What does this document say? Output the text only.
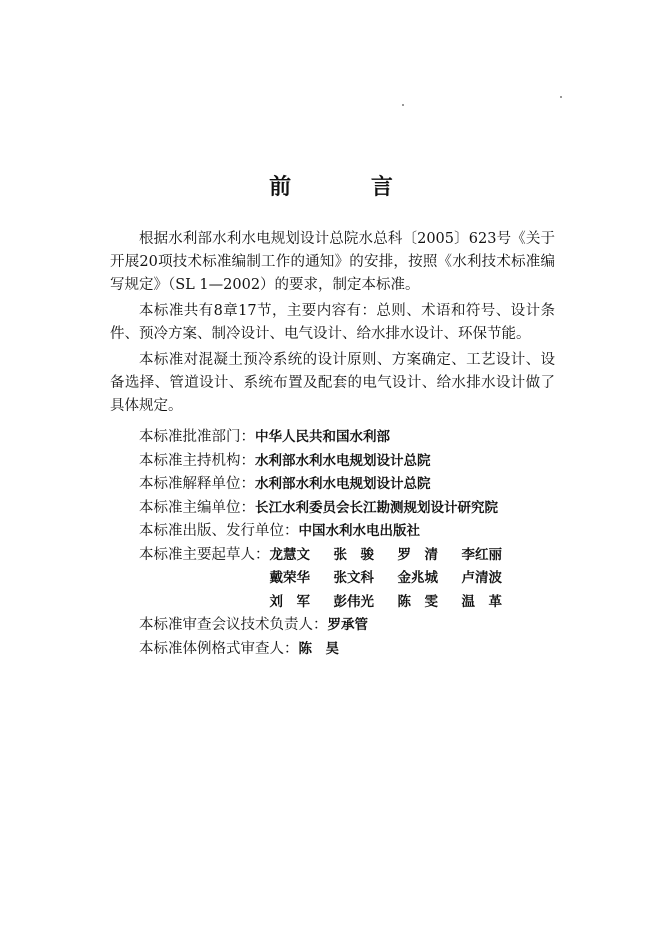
前 言

根据水利部水利水电规划设计总院水总科〔2005〕623号《关于开展20项技术标准编制工作的通知》的安排，按照《水利技术标准编写规定》（SL 1—2002）的要求，制定本标准。

本标准共有8章17节，主要内容有：总则、术语和符号、设计条件、预冷方案、制冷设计、电气设计、给水排水设计、环保节能。

本标准对混凝土预冷系统的设计原则、方案确定、工艺设计、设备选择、管道设计、系统布置及配套的电气设计、给水排水设计做了具体规定。

本标准批准部门： 中华人民共和国水利部
本标准主持机构： 水利部水利水电规划设计总院
本标准解释单位： 水利部水利水电规划设计总院
本标准主编单位： 长江水利委员会长江勘测规划设计研究院
本标准出版、发行单位： 中国水利水电出版社
本标准主要起草人： 龙慧文	张　骏	罗　清	李红丽
戴荣华	张文科	金兆城	卢清波
刘　军	彭伟光	陈　雯	温　革
本标准审查会议技术负责人： 罗承管
本标准体例格式审查人： 陈　昊
